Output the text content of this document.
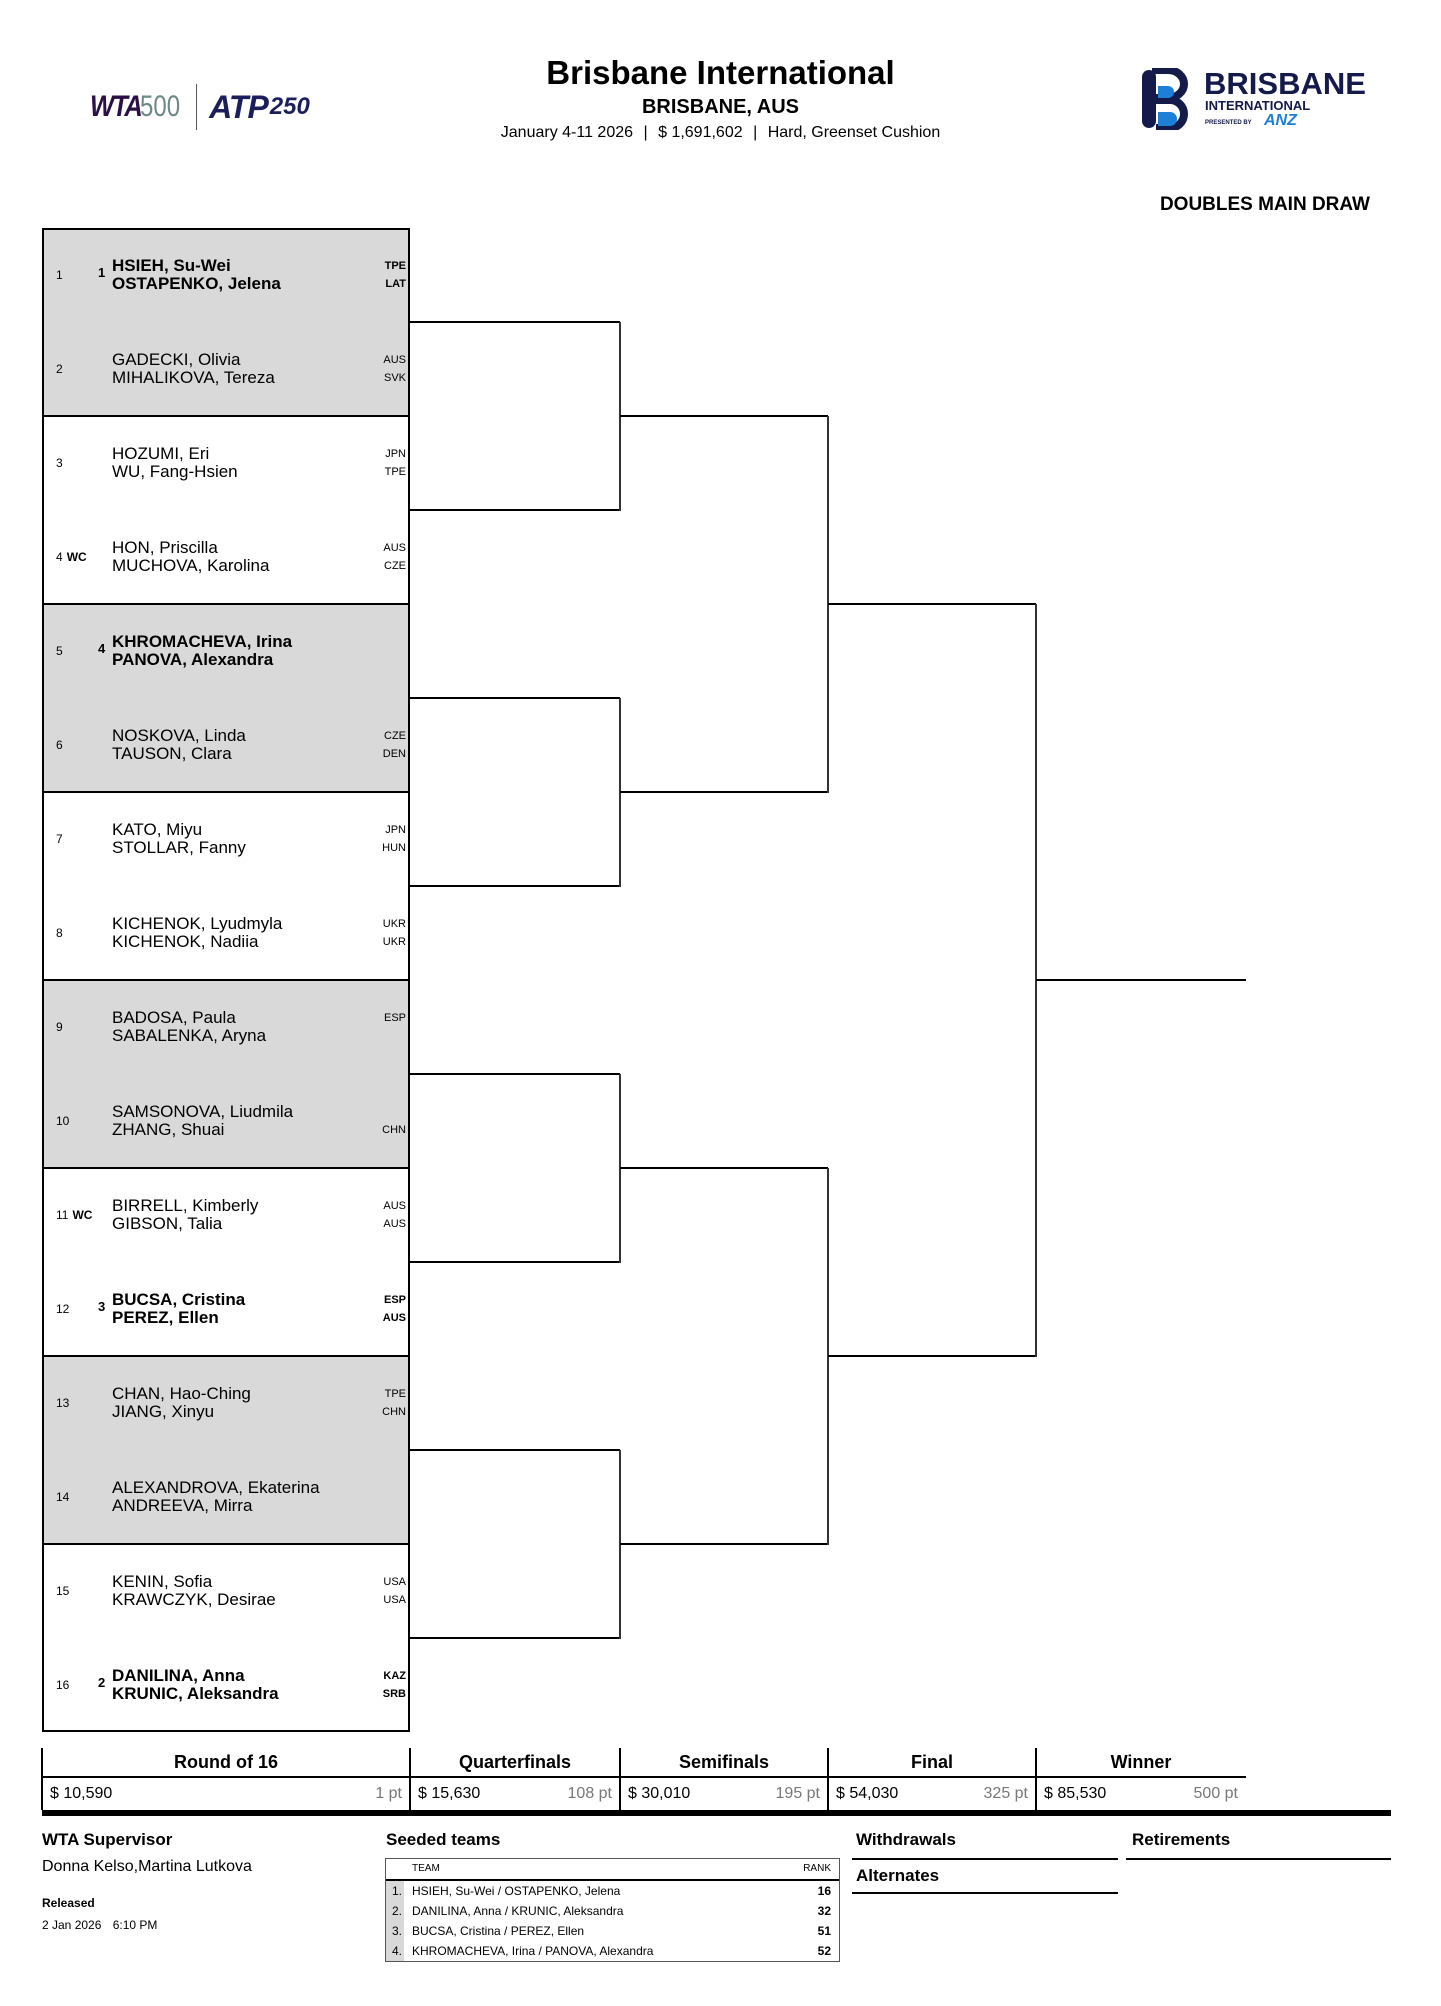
WTA 500 ATP 250
Brisbane International
BRISBANE, AUS
January 4-11 2026 | $ 1,691,602 | Hard, Greenset Cushion
BRISBANE
INTERNATIONAL
PRESENTED BY ANZ
DOUBLES MAIN DRAW
1	1 HSIEH, Su-Wei
OSTAPENKO, Jelena
TPE
LAT
2	GADECKI, Olivia
MIHALIKOVA, Tereza
AUS
SVK
3	HOZUMI, Eri
WU, Fang-Hsien
JPN
TPE
4 WC HON, Priscilla
MUCHOVA, Karolina
AUS
CZE
5	4 KHROMACHEVA, Irina
PANOVA, Alexandra
6	NOSKOVA, Linda
TAUSON, Clara
CZE
DEN
7	KATO, Miyu
STOLLAR, Fanny
JPN
HUN
8	KICHENOK, Lyudmyla
KICHENOK, Nadiia
UKR
UKR
9	BADOSA, Paula
SABALENKA, Aryna
ESP
10	SAMSONOVA, Liudmila
ZHANG, Shuai	CHN
11 WC BIRRELL, Kimberly
GIBSON, Talia
AUS
AUS
12 3 BUCSA, Cristina
PEREZ, Ellen
ESP
AUS
13	CHAN, Hao-Ching
JIANG, Xinyu
TPE
CHN
14	ALEXANDROVA, Ekaterina
ANDREEVA, Mirra
15	KENIN, Sofia
KRAWCZYK, Desirae
USA
USA
16 2 DANILINA, Anna
KRUNIC, Aleksandra
KAZ
SRB
Round of 16
$ 10,590	1 pt
Quarterfinals
$ 15,630	108 pt
Semifinals
$ 30,010	195 pt
Final
$ 54,030	325 pt
Winner
$ 85,530	500 pt
WTA Supervisor
Donna Kelso,Martina Lutkova
Released
2 Jan 2026 6:10 PM
Seeded teams
TEAM	RANK
1. HSIEH, Su-Wei / OSTAPENKO, Jelena	16
2. DANILINA, Anna / KRUNIC, Aleksandra	32
3. BUCSA, Cristina / PEREZ, Ellen	51
4. KHROMACHEVA, Irina / PANOVA, Alexandra	52
Withdrawals
Alternates
Retirements
